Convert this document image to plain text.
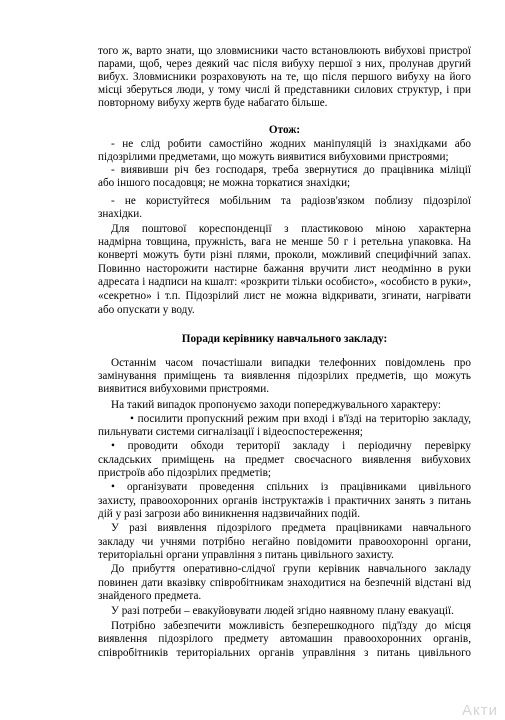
того ж, варто знати, що зловмисники часто встановлюють вибухові пристрої
парами, щоб, через деякий час після вибуху першої з них, пролунав другий
вибух. Зловмисники розраховують на те, що після першого вибуху на його
місці зберуться люди, у тому числі й представники силових структур, і при
повторному вибуху жертв буде набагато більше.
Отож:
- не слід робити самостійно жодних маніпуляцій із знахідками або
підозрілими предметами, що можуть виявитися вибуховими пристроями;
- виявивши річ без господаря, треба звернутися до працівника міліції
або іншого посадовця; не можна торкатися знахідки;
- не користуйтеся мобільним та радіозв'язком поблизу підозрілої
знахідки.
Для поштової кореспонденції з пластиковою міною характерна
надмірна товщина, пружність, вага не менше 50 г і ретельна упаковка. На
конверті можуть бути різні плями, проколи, можливий специфічний запах.
Повинно насторожити настирне бажання вручити лист неодмінно в руки
адресата і надписи на кшалт: «розкрити тільки особисто», «особисто в руки»,
«секретно» і т.п. Підозрілий лист не можна відкривати, згинати, нагрівати
або опускати у воду.
Поради керівнику навчального закладу:
Останнім часом почастішали випадки телефонних повідомлень про
замінування приміщень та виявлення підозрілих предметів, що можуть
виявитися вибуховими пристроями.
На такий випадок пропонуємо заходи попереджувального характеру:
• посилити пропускний режим при вході і в'їзді на територію закладу,
пильнувати системи сигналізації і відеоспостереження;
• проводити обходи території закладу і періодичну перевірку
складських приміщень на предмет своєчасного виявлення вибухових
пристроїв або підозрілих предметів;
• організувати проведення спільних із працівниками цивільного
захисту, правоохоронних органів інструктажів і практичних занять з питань
дій у разі загрози або виникнення надзвичайних подій.
У разі виявлення підозрілого предмета працівниками навчального
закладу чи учнями потрібно негайно повідомити правоохоронні органи,
територіальні органи управління з питань цивільного захисту.
До прибуття оперативно-слідчої групи керівник навчального закладу
повинен дати вказівку співробітникам знаходитися на безпечній відстані від
знайденого предмета.
У разі потреби – евакуйовувати людей згідно наявному плану евакуації.
Потрібно забезпечити можливість безперешкодного під'їзду до місця
виявлення підозрілого предмету автомашин правоохоронних органів,
співробітників територіальних органів управління з питань цивільного
Акти
